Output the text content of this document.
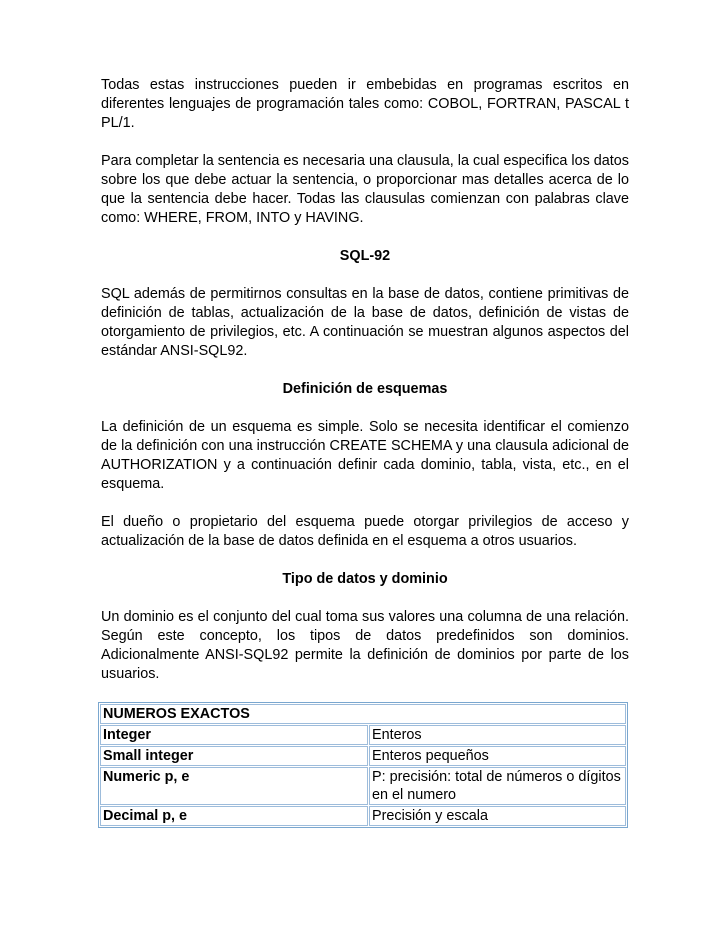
Todas estas instrucciones pueden ir embebidas en programas escritos en diferentes lenguajes de programación tales como: COBOL, FORTRAN, PASCAL t PL/1.

Para completar la sentencia es necesaria una clausula, la cual especifica los datos sobre los que debe actuar la sentencia, o proporcionar mas detalles acerca de lo que la sentencia debe hacer. Todas las clausulas comienzan con palabras clave como: WHERE, FROM, INTO y HAVING.

SQL-92

SQL además de permitirnos consultas en la base de datos, contiene primitivas de definición de tablas, actualización de la base de datos, definición de vistas de otorgamiento de privilegios, etc. A continuación se muestran algunos aspectos del estándar ANSI-SQL92.

Definición de esquemas

La definición de un esquema es simple. Solo se necesita identificar el comienzo de la definición con una instrucción CREATE SCHEMA y una clausula adicional de AUTHORIZATION y a continuación definir cada dominio, tabla, vista, etc., en el esquema.

El dueño o propietario del esquema puede otorgar privilegios de acceso y actualización de la base de datos definida en el esquema a otros usuarios.

Tipo de datos y dominio

Un dominio es el conjunto del cual toma sus valores una columna de una relación. Según este concepto, los tipos de datos predefinidos son dominios. Adicionalmente ANSI-SQL92 permite la definición de dominios por parte de los usuarios.

NUMEROS EXACTOS	
Integer	Enteros
Small integer	Enteros pequeños
Numeric p, e	P: precisión: total de números o dígitos en el numero
Decimal p, e	Precisión y escala
